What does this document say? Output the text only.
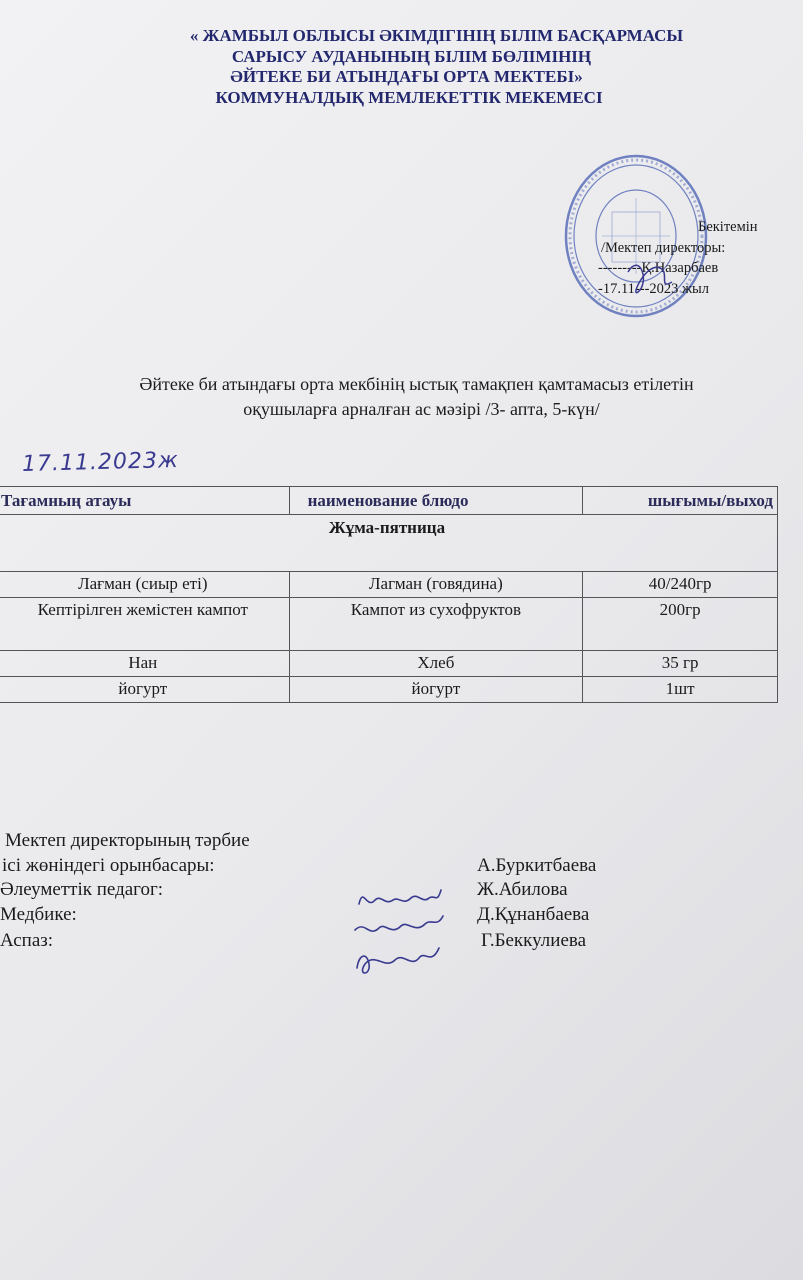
« ЖАМБЫЛ ОБЛЫСЫ ӘКІМДІГІНІҢ БІЛІМ БАСҚАРМАСЫ
САРЫСУ АУДАНЫНЫҢ БІЛІМ БӨЛІМІНІҢ
ӘЙТЕКЕ БИ АТЫНДАҒЫ ОРТА МЕКТЕБІ»
КОММУНАЛДЫҚ МЕМЛЕКЕТТІК МЕКЕМЕСІ
Бекітемін
/Мектеп директоры:
---------Қ.Назарбаев
-17.11---2023 жыл
Әйтеке би атындағы орта мекбінің ыстық тамақпен қамтамасыз етілетін
оқушыларға арналған ас мәзірі /3- апта, 5-күн/
17.11.2023ж
Тағамның атауы	наименование блюдо	шығымы/выход
Жұма-пятница		
Лағман (сиыр еті)	Лагман (говядина)	40/240гр
Кептірілген жемістен кампот	Кампот из сухофруктов	200гр
Нан	Хлеб	35 гр
йогурт	йогурт	1шт
Мектеп директорының тәрбие
ісі жөніндегі орынбасары:	А.Буркитбаева
Әлеуметтік педагог:	Ж.Абилова
Медбике:	Д.Құнанбаева
Аспаз:	Г.Беккулиева
